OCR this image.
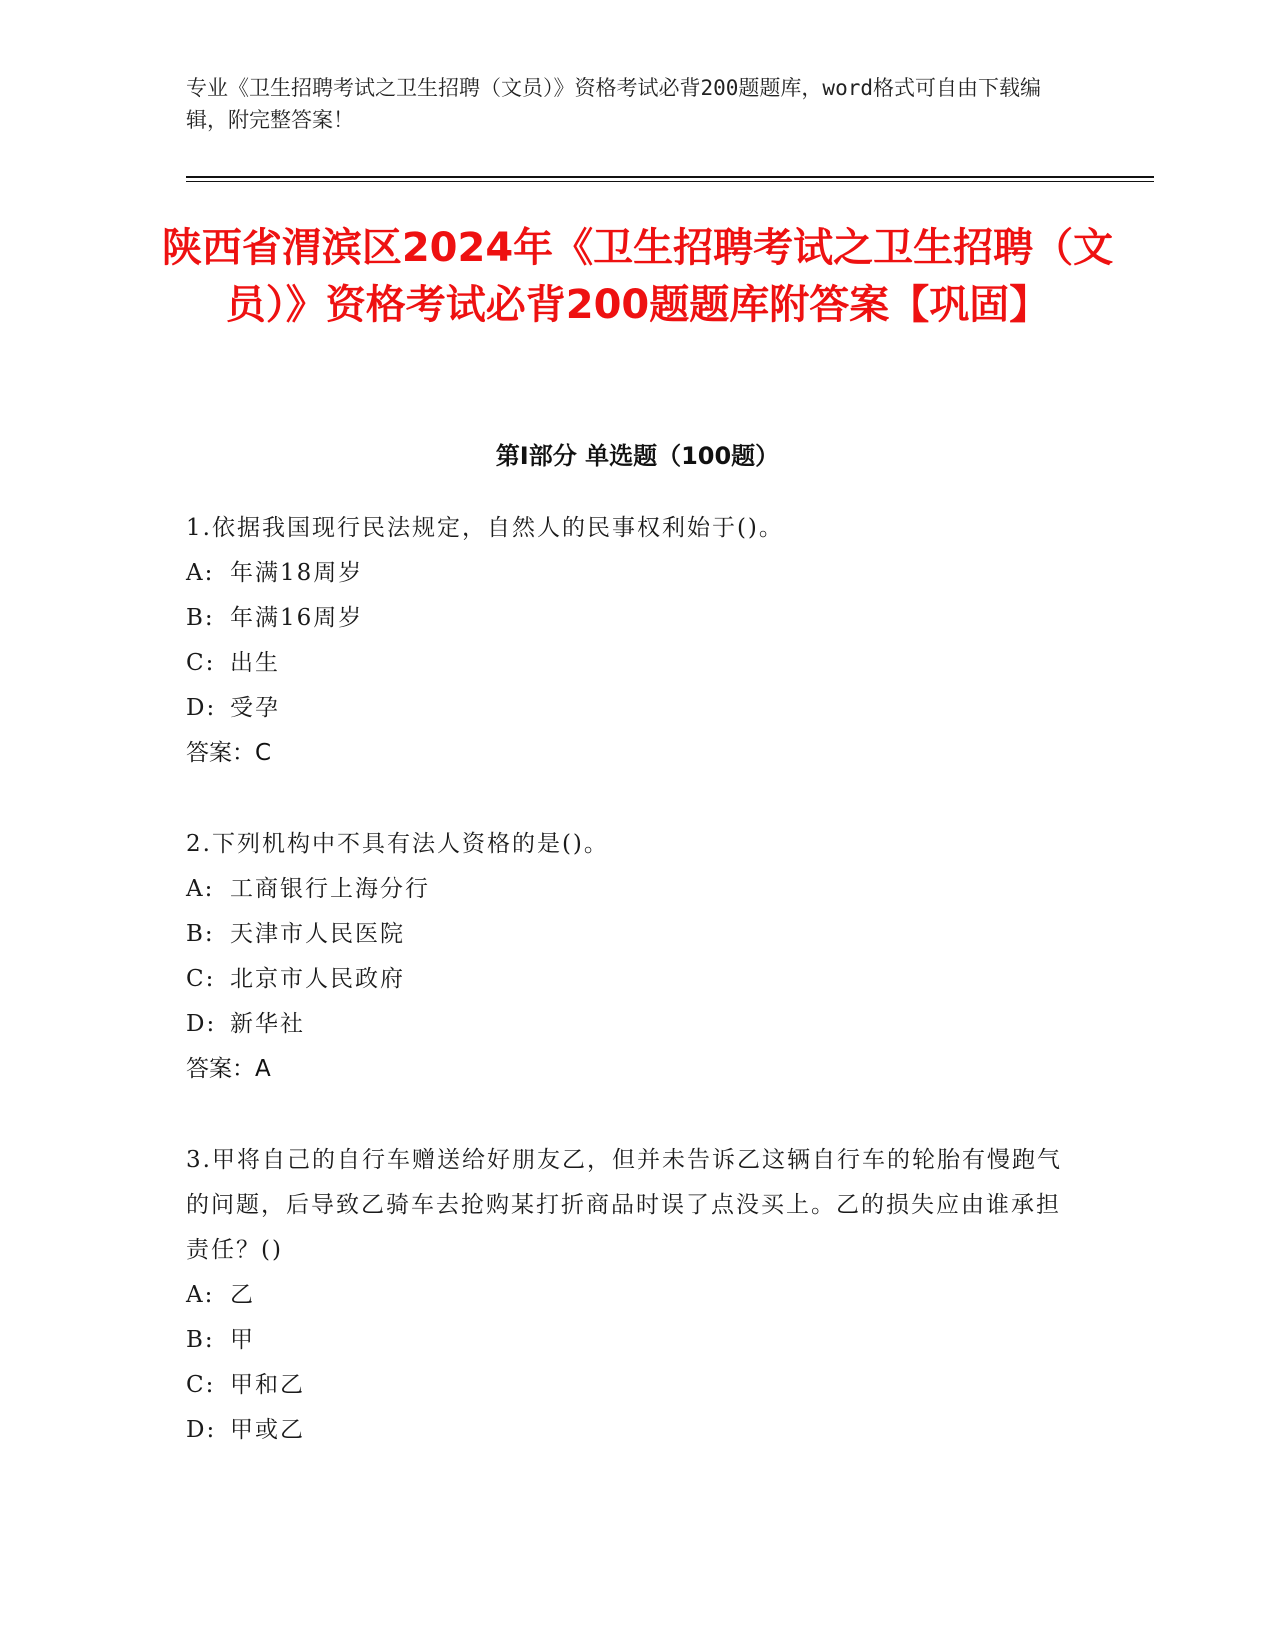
专业《卫生招聘考试之卫生招聘（文员）》资格考试必背200题题库，word格式可自由下载编辑，附完整答案！
陕西省渭滨区2024年《卫生招聘考试之卫生招聘（文员）》资格考试必背200题题库附答案【巩固】
第Ⅰ部分 单选题（100题）
1.依据我国现行民法规定，自然人的民事权利始于()。
A: 年满18周岁
B: 年满16周岁
C: 出生
D: 受孕
答案：C
2.下列机构中不具有法人资格的是()。
A: 工商银行上海分行
B: 天津市人民医院
C: 北京市人民政府
D: 新华社
答案：A
3.甲将自己的自行车赠送给好朋友乙，但并未告诉乙这辆自行车的轮胎有慢跑气的问题，后导致乙骑车去抢购某打折商品时误了点没买上。乙的损失应由谁承担责任？()
A: 乙
B: 甲
C: 甲和乙
D: 甲或乙
